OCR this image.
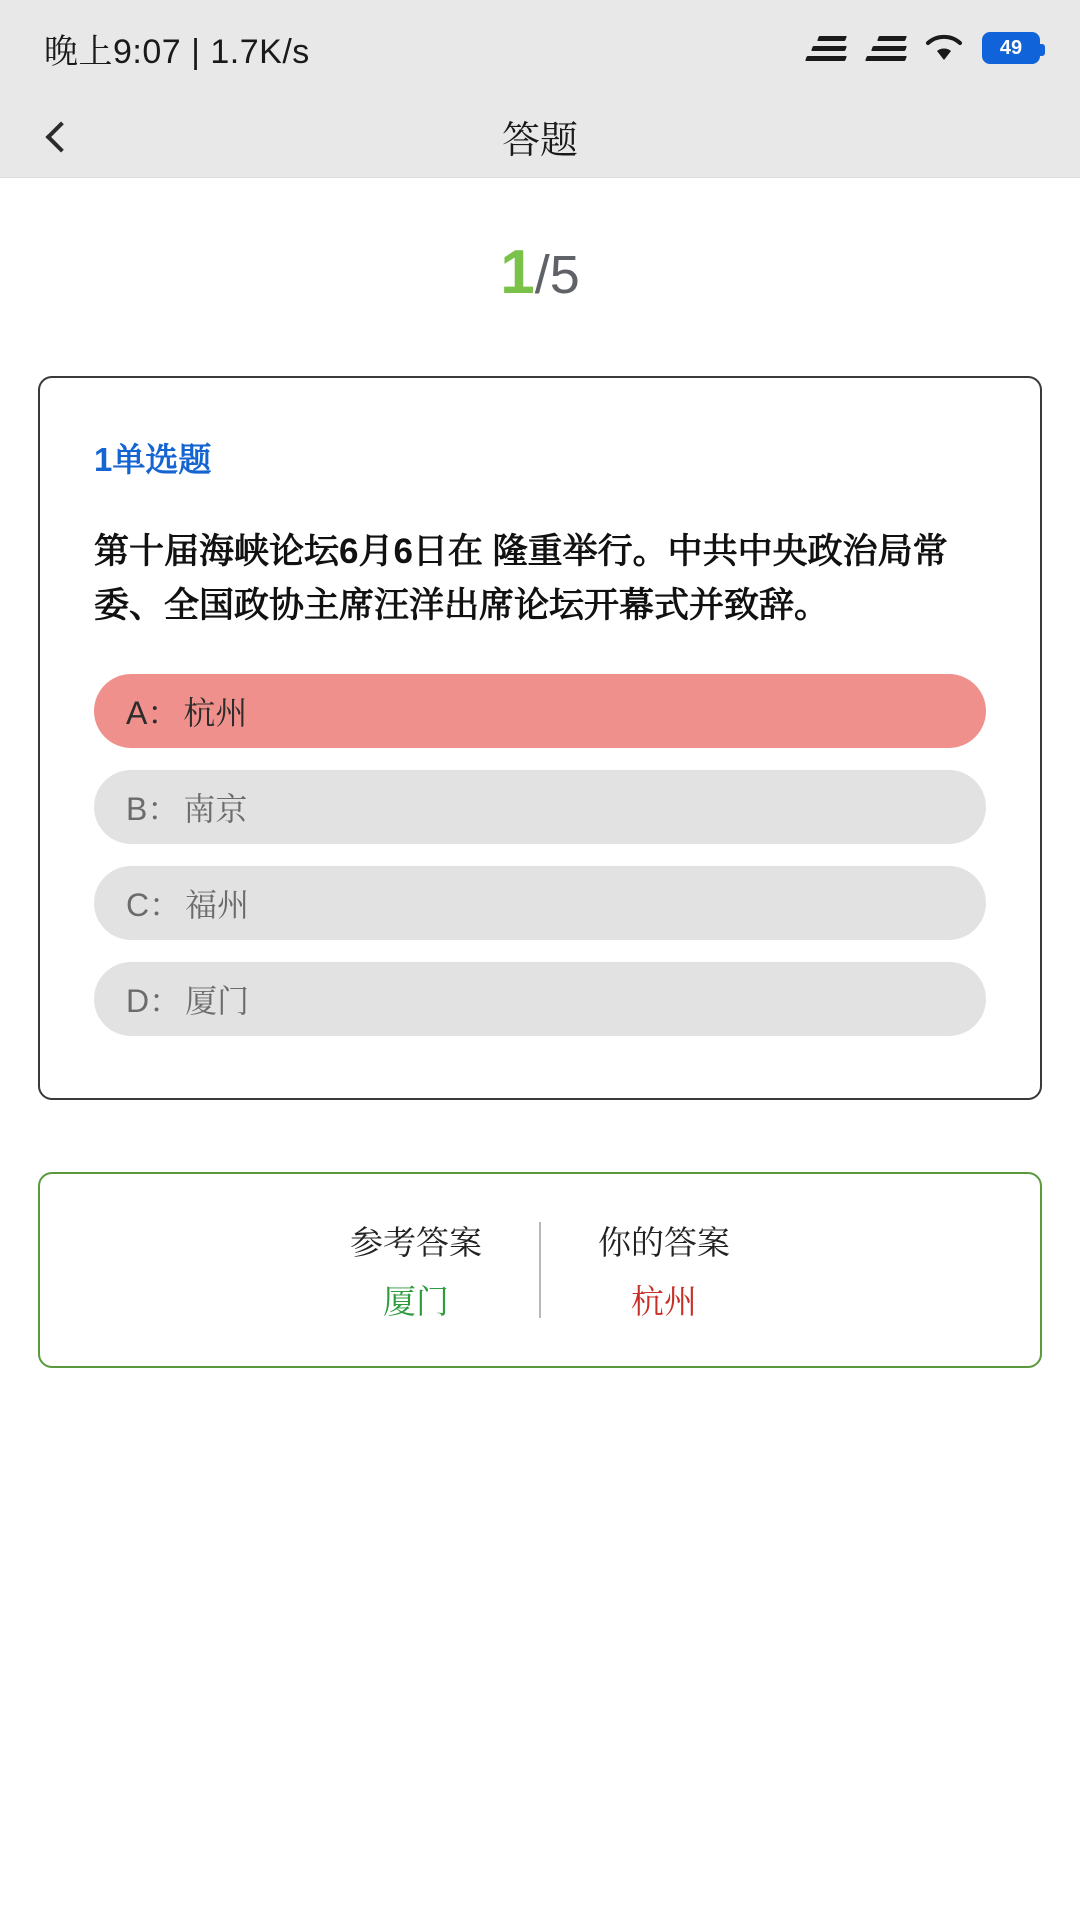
晚上9:07 | 1.7K/s	49
答题
1/5
1单选题
第十届海峡论坛6月6日在 隆重举行。中共中央政治局常委、全国政协主席汪洋出席论坛开幕式并致辞。
A： 杭州
B： 南京
C： 福州
D： 厦门
参考答案
厦门
你的答案
杭州
